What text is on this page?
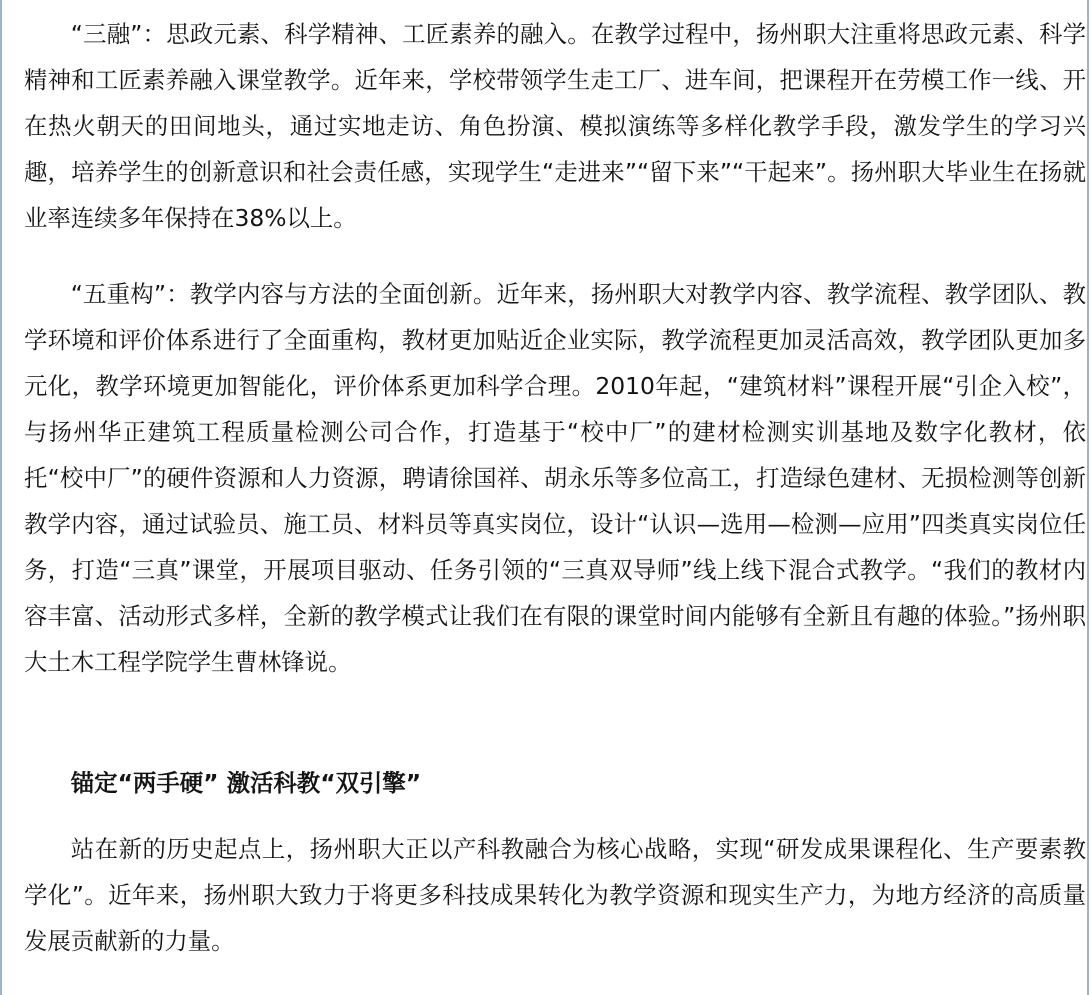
“三融”：思政元素、科学精神、工匠素养的融入。在教学过程中，扬州职大注重将思政元素、科学精神和工匠素养融入课堂教学。近年来，学校带领学生走工厂、进车间，把课程开在劳模工作一线、开在热火朝天的田间地头，通过实地走访、角色扮演、模拟演练等多样化教学手段，激发学生的学习兴趣，培养学生的创新意识和社会责任感，实现学生“走进来”“留下来”“干起来”。扬州职大毕业生在扬就业率连续多年保持在38%以上。

“五重构”：教学内容与方法的全面创新。近年来，扬州职大对教学内容、教学流程、教学团队、教学环境和评价体系进行了全面重构，教材更加贴近企业实际，教学流程更加灵活高效，教学团队更加多元化，教学环境更加智能化，评价体系更加科学合理。2010年起，“建筑材料”课程开展“引企入校”，与扬州华正建筑工程质量检测公司合作，打造基于“校中厂”的建材检测实训基地及数字化教材，依托“校中厂”的硬件资源和人力资源，聘请徐国祥、胡永乐等多位高工，打造绿色建材、无损检测等创新教学内容，通过试验员、施工员、材料员等真实岗位，设计“认识—选用—检测—应用”四类真实岗位任务，打造“三真”课堂，开展项目驱动、任务引领的“三真双导师”线上线下混合式教学。“我们的教材内容丰富、活动形式多样，全新的教学模式让我们在有限的课堂时间内能够有全新且有趣的体验。”扬州职大土木工程学院学生曹林锋说。

锚定“两手硬” 激活科教“双引擎”

站在新的历史起点上，扬州职大正以产科教融合为核心战略，实现“研发成果课程化、生产要素教学化”。近年来，扬州职大致力于将更多科技成果转化为教学资源和现实生产力，为地方经济的高质量发展贡献新的力量。
